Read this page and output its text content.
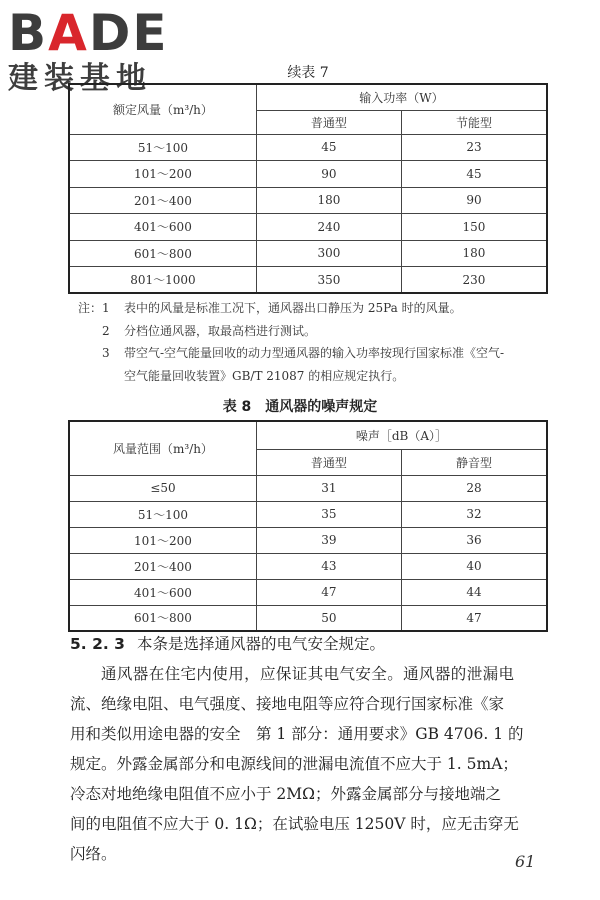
BADE
建装基地	续表 7
额定风量（m³/h）	输入功率（W）	
	普通型	节能型
51～100	45	23
101～200	90	45
201～400	180	90
401～600	240	150
601～800	300	180
801～1000	350	230
注： 1	表中的风量是标准工况下，通风器出口静压为 25Pa 时的风量。
2	分档位通风器，取最高档进行测试。
3	带空气-空气能量回收的动力型通风器的输入功率按现行国家标准《空气-
空气能量回收装置》GB/T 21087 的相应规定执行。
表 8　通风器的噪声规定
风量范围（m³/h）	噪声［dB（A）］	
	普通型	静音型
≤50	31	28
51～100	35	32
101～200	39	36
201～400	43	40
401～600	47	44
601～800	50	47

5. 2. 3 本条是选择通风器的电气安全规定。

通风器在住宅内使用，应保证其电气安全。通风器的泄漏电

流、绝缘电阻、电气强度、接地电阻等应符合现行国家标准《家

用和类似用途电器的安全　第 1 部分：通用要求》GB 4706. 1 的

规定。外露金属部分和电源线间的泄漏电流值不应大于 1. 5mA；

冷态对地绝缘电阻值不应小于 2MΩ；外露金属部分与接地端之

间的电阻值不应大于 0. 1Ω；在试验电压 1250V 时，应无击穿无

闪络。	61
